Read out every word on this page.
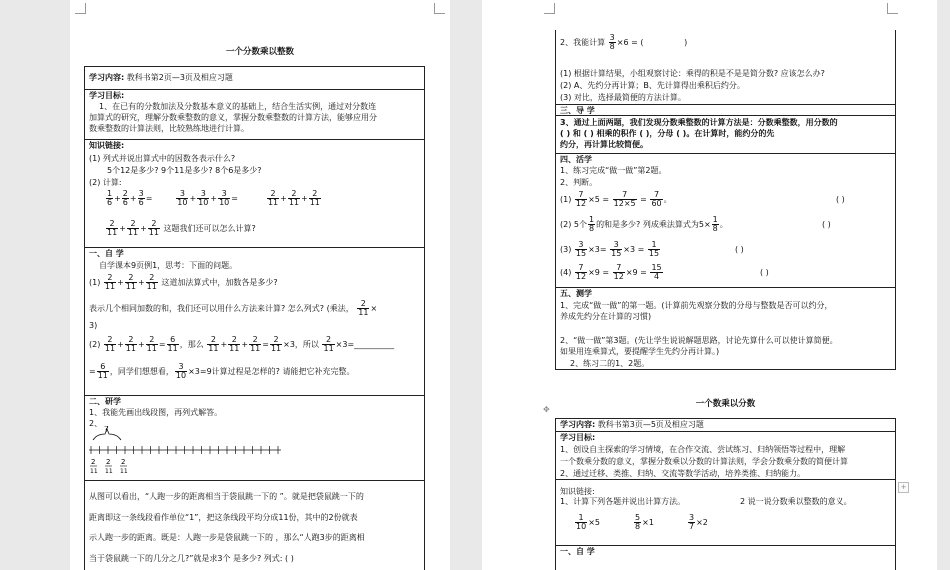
一个分数乘以整数
学习内容: 教科书第2页—3页及相应习题
学习目标:
1、在已有的分数加法及分数基本意义的基础上，结合生活实例，通过对分数连
加算式的研究，理解分数乘整数的意义，掌握分数乘整数的计算方法，能够应用分
数乘整数的计算法则，比较熟练地进行计算。
知识链接:
(1) 列式并说出算式中的因数各表示什么?
5个12是多少? 9个11是多少? 8个6是多少?
(2) 计算:
$\frac{1}{6} + \frac{2}{6} + \frac{3}{6} = \frac{3}{10} + \frac{3}{10} + \frac{3}{10} = \frac{2}{11} + \frac{2}{11} + \frac{2}{11}$
$\frac{2}{11} + \frac{2}{11} + \frac{2}{11}$ 这题我们还可以怎么计算?
一、自 学
自学课本9页例1，思考：下面的问题。
$(1) \frac{2}{11} + \frac{2}{11} + \frac{2}{11}$ 这道加法算式中，加数各是多少?
表示几个相同加数的和，我们还可以用什么方法来计算? 怎么列式? (乘法， $\frac{2}{11}$ ×
3)
$(2) \frac{2}{11} + \frac{2}{11} + \frac{2}{11} = \frac{6}{11}$ ，那么 $\frac{2}{11} + \frac{2}{11} + \frac{2}{11} = \frac{2}{11} \times 3$，所以 $\frac{2}{11}$ ×3=__________
= $\frac{6}{11}$ ，同学们想想看， $\frac{3}{10} \times 3=9$计算过程是怎样的? 请能把它补充完整。
二、研学
1、我能先画出线段图，再列式解答。
2、
?
2
11
2
11
2
11
从图可以看出，“人跑一步的距离相当于袋鼠跳一下的 ”。就是把袋鼠跳一下的
距离即这一条线段看作单位“1”，把这条线段平均分成11份，其中的2份就表
示人跑一步的距离。既是：人跑一步是袋鼠跳一下的 ，那么“人跑3步的距离相
当于袋鼠跳一下的几分之几?”就是求3个 是多少? 列式: ( )
2、我能计算 $\frac{3}{8} \times 6$ = (                )
(1) 根据计算结果，小组观察讨论：乘得的积是不是是简分数? 应该怎么办?
(2) A、先约分再计算；B、先计算得出乘积后约分。
(3) 对比，选择最简便的方法计算。
三、导 学
3、通过上面两题，我们发现分数乘整数的计算方法是：分数乘整数，用分数的
( ) 和 ( ) 相乘的积作 ( )，分母 ( )。在计算时，能约分的先
约分，再计算比较简便。
四、活学
1、练习完成“做一做”第2题。
2、判断。
$(1) \frac{7}{12} \times 5 = \frac{7}{12\times 5} = \frac{7}{60}$ 。	( )
(2) 5个 $\frac{1}{8}$ 的和是多少? 列成乘法算式为$5\times \frac{1}{8}$ 。	( )
$(3) \frac{3}{15} \times 3= \frac{3}{15} \times 3 = \frac{1}{15}$	( )
$(4) \frac{7}{12} \times 9 = \frac{7}{12} \times 9 = \frac{15}{4}$	( )
五、测学
1、完成“做一做”的第一题。(计算前先观察分数的分母与整数是否可以约分，
养成先约分在计算的习惯)
2、“做一做”第3题。(先让学生说说解题思路，讨论先算什么可以使计算简便。
如果用连乘算式，要提醒学生先约分再计算。)
2、练习二的1、2题。
一个数乘以分数
学习内容: 教科书第3页—5页及相应习题
学习目标:
1、创设自主探索的学习情境，在合作交流、尝试练习、归纳领悟等过程中，理解
一个数乘分数的意义，掌握分数乘以分数的计算法则，学会分数乘分数的简便计算
2、通过迁移、类推、归纳、交流等数学活动，培养类推、归纳能力。
知识链接:
1、计算下列各题并说出计算方法。	2 说一说分数乘以整数的意义。
$\frac{1}{10} \times 5 \frac{5}{8} \times 1 \frac{3}{7} \times 2$
一、自 学
✥
+
